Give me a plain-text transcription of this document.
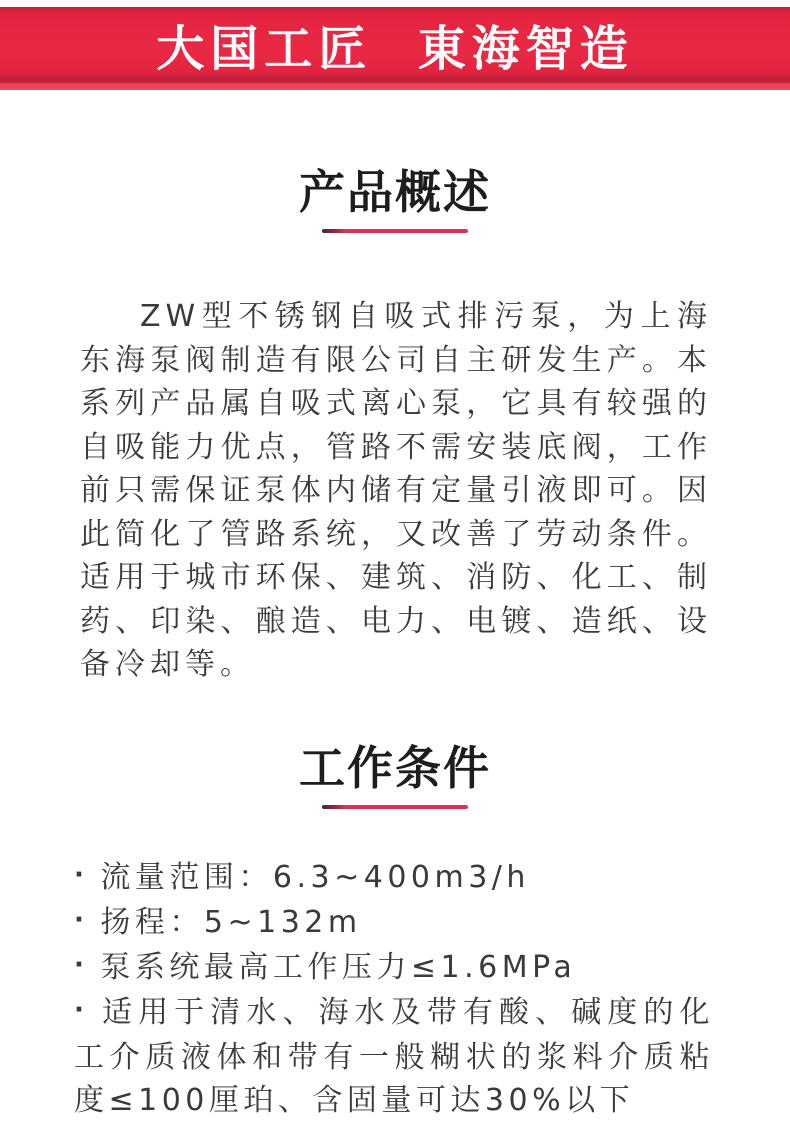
大国工匠  東海智造
产品概述

ZW型不锈钢自吸式排污泵，为上海东海泵阀制造有限公司自主研发生产。本系列产品属自吸式离心泵，它具有较强的自吸能力优点，管路不需安装底阀，工作前只需保证泵体内储有定量引液即可。因此简化了管路系统，又改善了劳动条件。适用于城市环保、建筑、消防、化工、制药、印染、酿造、电力、电镀、造纸、设备冷却等。

工作条件
· 流量范围：6.3~400m3/h
· 扬程：5~132m
· 泵系统最高工作压力≤1.6MPa
· 适用于清水、海水及带有酸、碱度的化工介质液体和带有一般糊状的浆料介质粘度≤100厘珀、含固量可达30%以下
